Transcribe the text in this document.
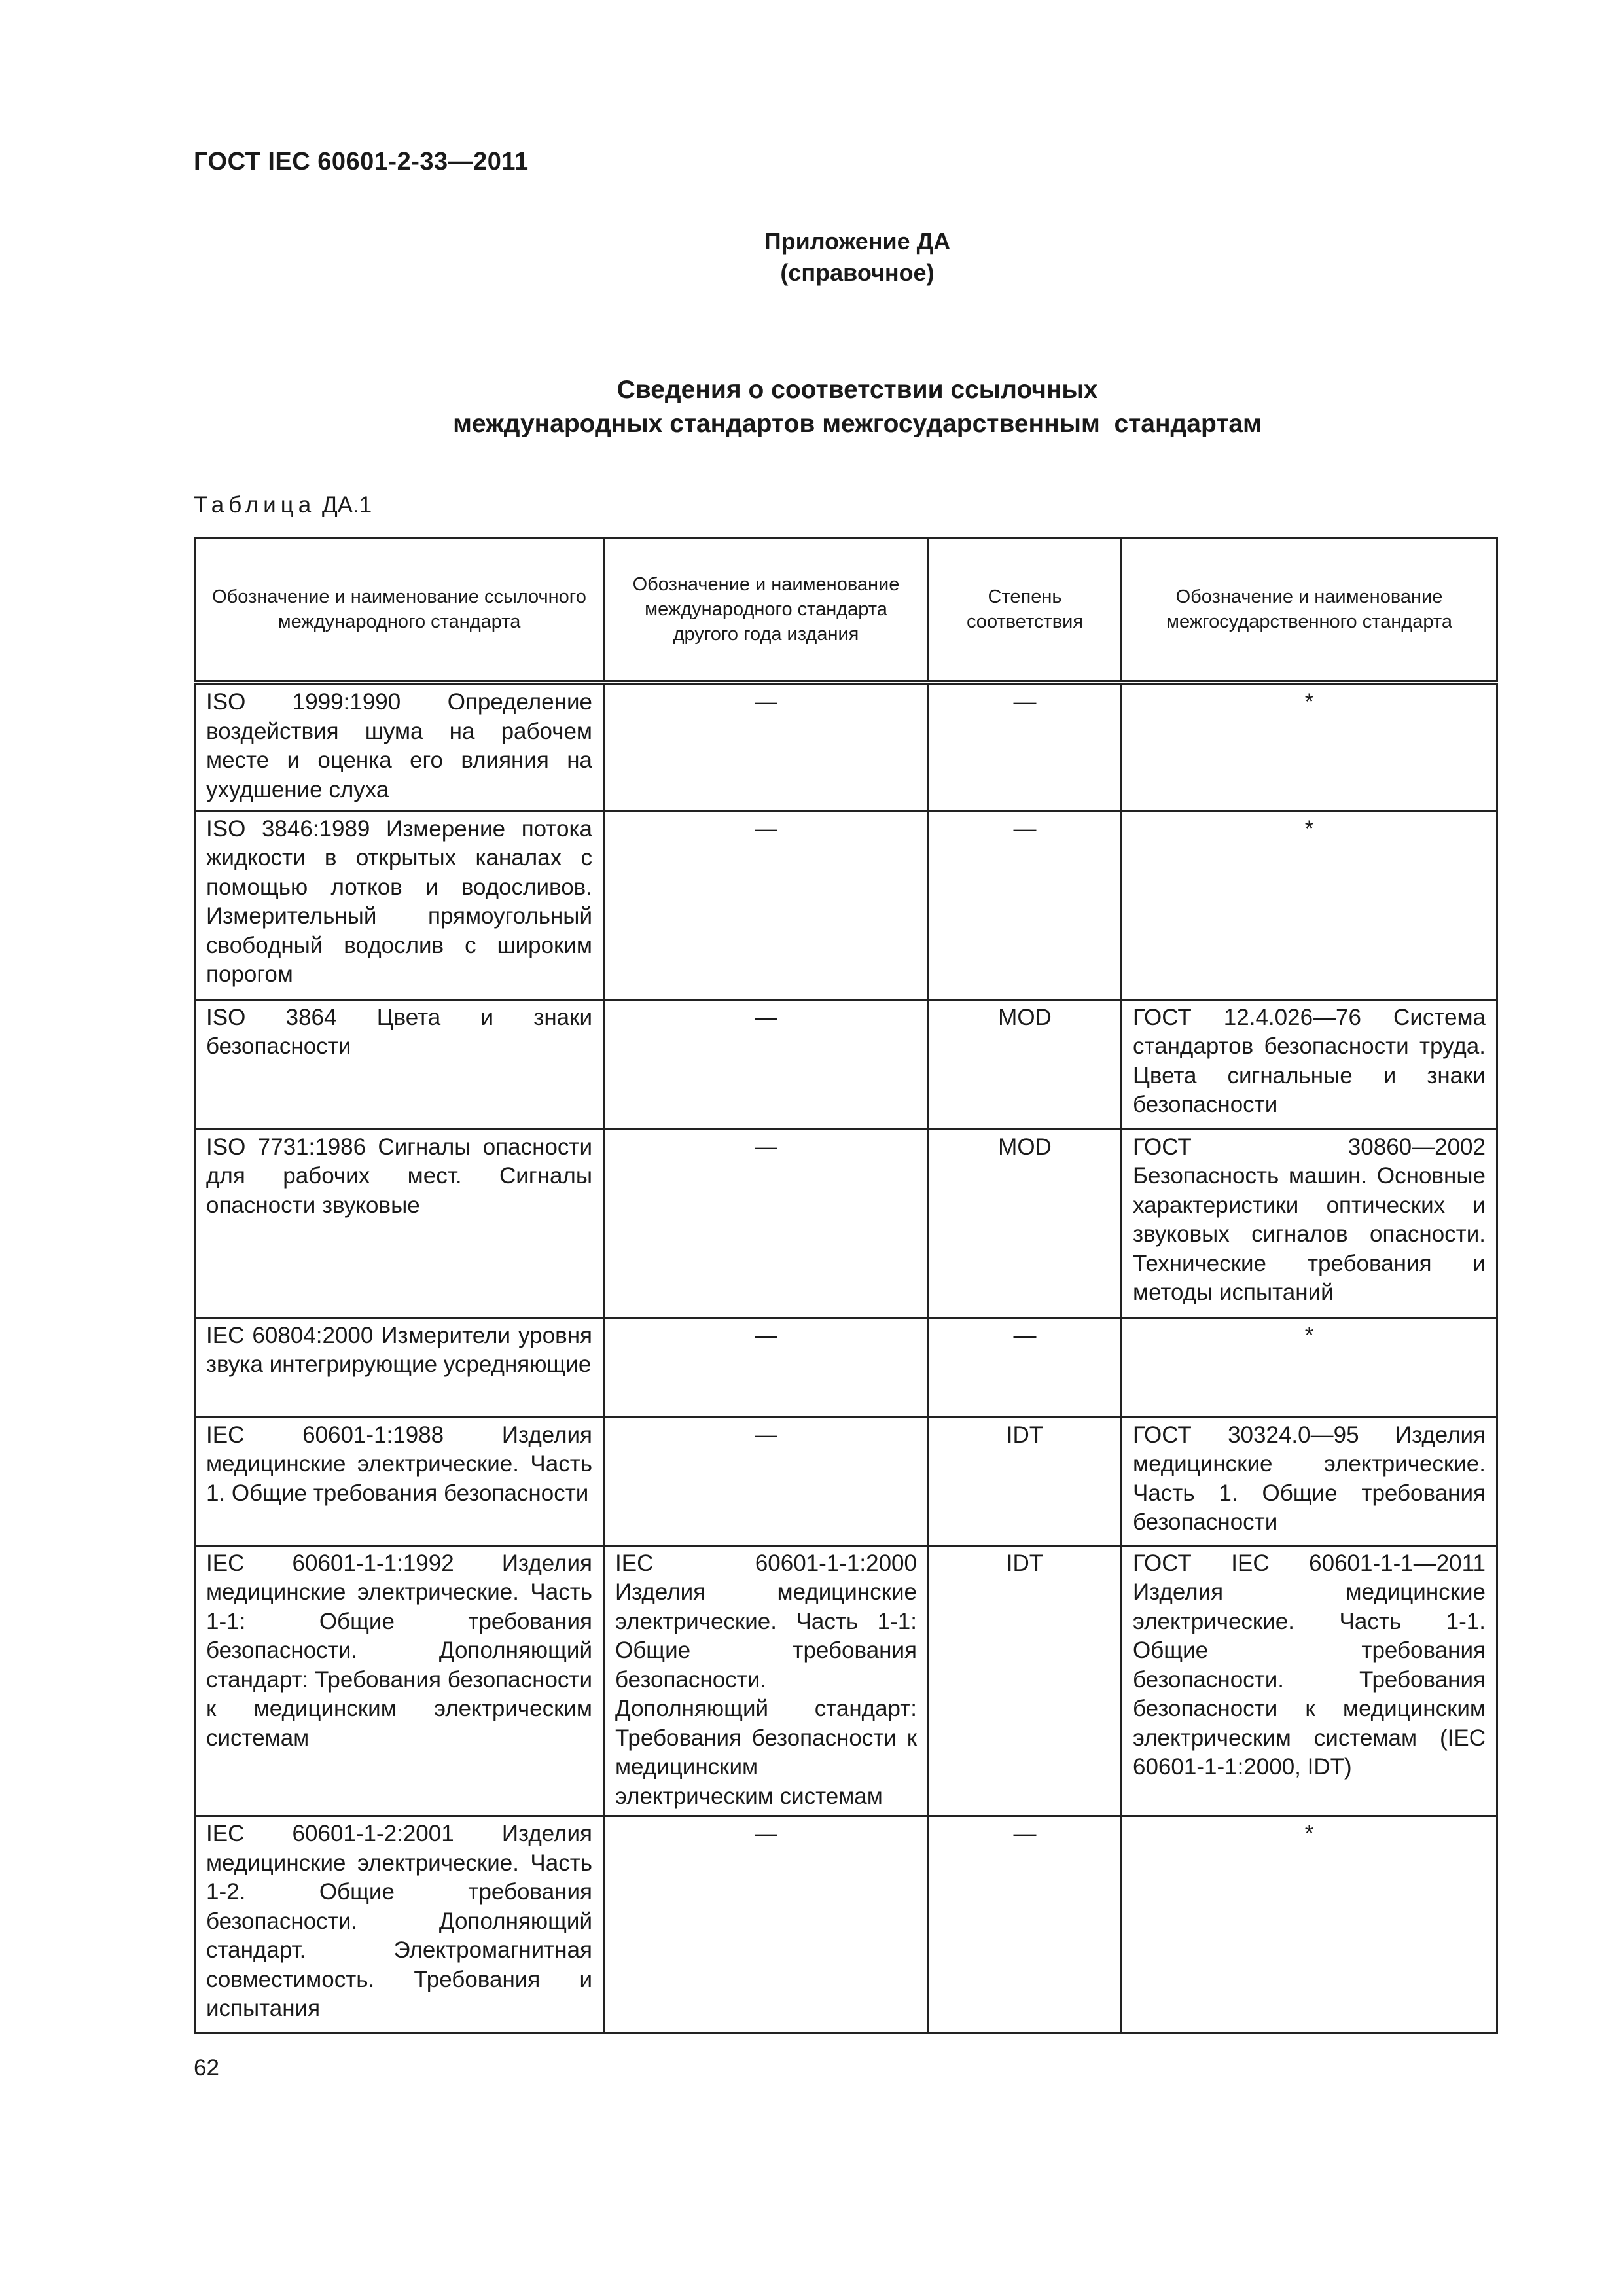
ГОСТ IEC 60601-2-33—2011
Приложение ДА
(справочное)
Сведения о соответствии ссылочных
международных стандартов межгосударственным  стандартам
Таблица ДА.1
Обозначение и наименование ссылочного международного стандарта	Обозначение и наименование международного стандарта другого года издания	Степень соответствия	Обозначение и наименование межгосударственного стандарта
ISO 1999:1990 Определение воздействия шума на рабочем месте и оценка его влияния на ухудшение слуха	—	—	*
ISO 3846:1989 Измерение потока жидкости в открытых каналах с помощью лотков и водосливов. Измерительный прямоугольный свободный водослив с широким порогом	—	—	*
ISO 3864 Цвета и знаки безопасности	—	MOD	ГОСТ 12.4.026—76 Система стандартов безопасности труда. Цвета сигнальные и знаки безопасности
ISO 7731:1986 Сигналы опасности для рабочих мест. Сигналы опасности звуковые	—	MOD	ГОСТ 30860—2002 Безопасность машин. Основные характеристики оптических и звуковых сигналов опасности. Технические требования и методы испытаний
IEC 60804:2000 Измерители уровня звука интегрирующие усредняющие	—	—	*
IEC 60601-1:1988 Изделия медицинские электрические. Часть 1. Общие требования безопасности	—	IDT	ГОСТ 30324.0—95 Изделия медицинские электрические. Часть 1. Общие требования безопасности
IEC 60601-1-1:1992 Изделия медицинские электрические. Часть 1-1: Общие требования безопасности. Дополняющий стандарт: Требования безопасности к медицинским электрическим системам	IEC 60601-1-1:2000 Изделия медицинские электрические. Часть 1-1: Общие требования безопасности. Дополняющий стандарт: Требования безопасности к медицинским электрическим системам	IDT	ГОСТ IEC 60601-1-1—2011 Изделия медицинские электрические. Часть 1-1. Общие требования безопасности. Требования безопасности к медицинским электрическим системам (IEC 60601-1-1:2000, IDT)
IEC 60601-1-2:2001 Изделия медицинские электрические. Часть 1-2. Общие требования безопасности. Дополняющий стандарт. Электромагнитная совместимость. Требования и испытания	—	—	*
62
